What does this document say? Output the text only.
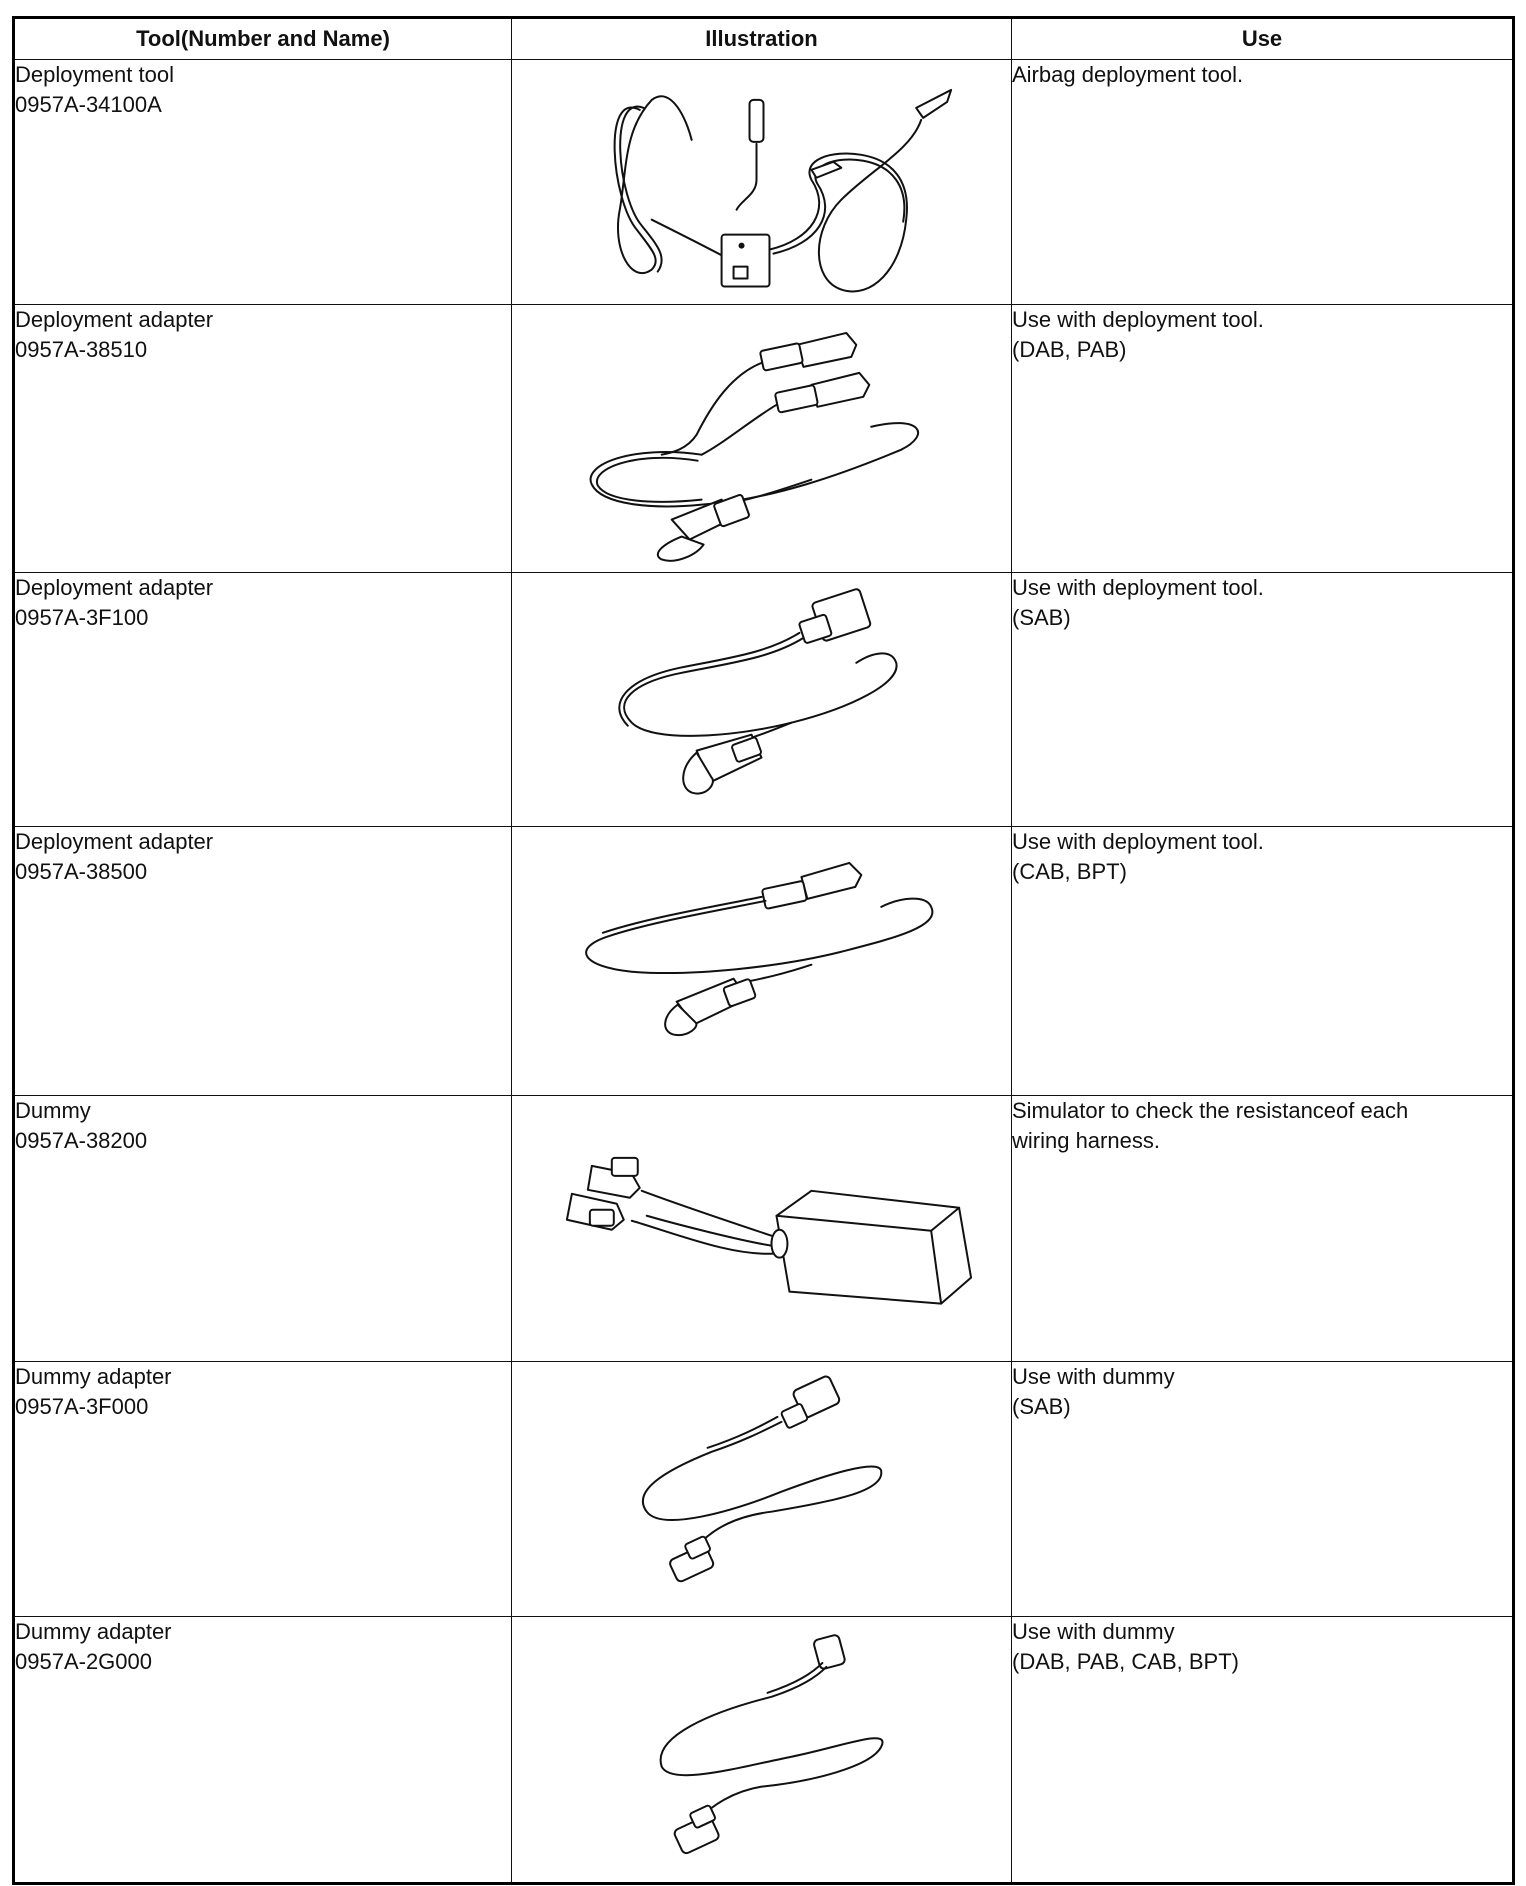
Tool(Number and Name)	Illustration	Use

Deployment tool
0957A-34100A		Airbag deployment tool.

Deployment adapter
0957A-38510		Use with deployment tool.
(DAB, PAB)

Deployment adapter
0957A-3F100		Use with deployment tool.
(SAB)

Deployment adapter
0957A-38500		Use with deployment tool.
(CAB, BPT)

Dummy
0957A-38200		Simulator to check the resistanceof each
wiring harness.

Dummy adapter
0957A-3F000		Use with dummy
(SAB)

Dummy adapter
0957A-2G000		Use with dummy
(DAB, PAB, CAB, BPT)
